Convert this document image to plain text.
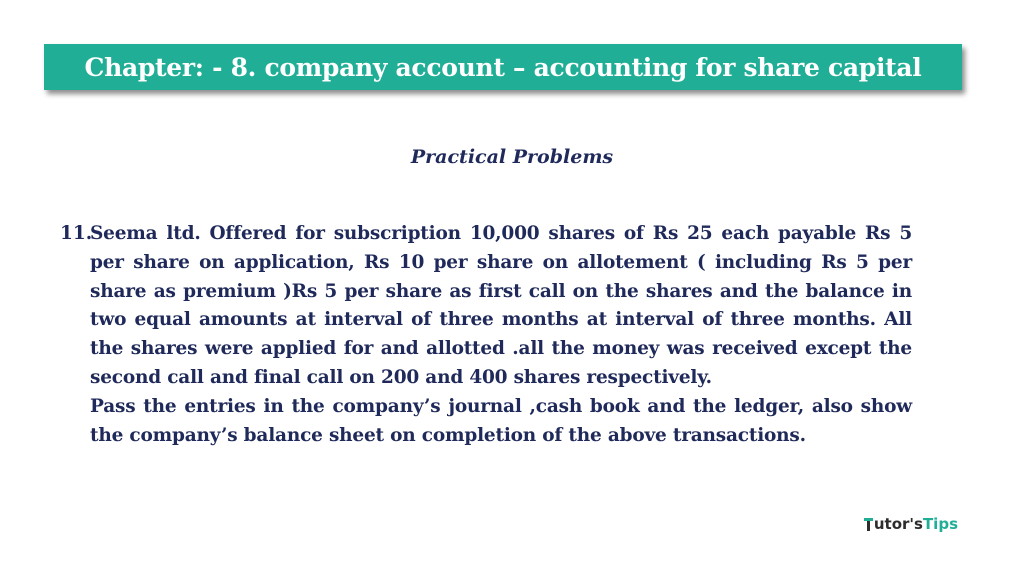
Chapter: - 8. company account – accounting for share capital
Practical Problems
11.

Seema ltd. Offered for subscription 10,000 shares of Rs 25 each payable Rs 5 per share on application, Rs 10 per share on allotement ( including Rs 5 per share as premium )Rs 5 per share as first call on the shares and the balance in two equal amounts at interval of three months at interval of three months. All the shares were applied for and allotted .all the money was received except the second call and final call on 200 and 400 shares respectively.

Pass the entries in the company’s journal ,cash book and the ledger, also show the company’s balance sheet on completion of the above transactions.

utor's Tips
